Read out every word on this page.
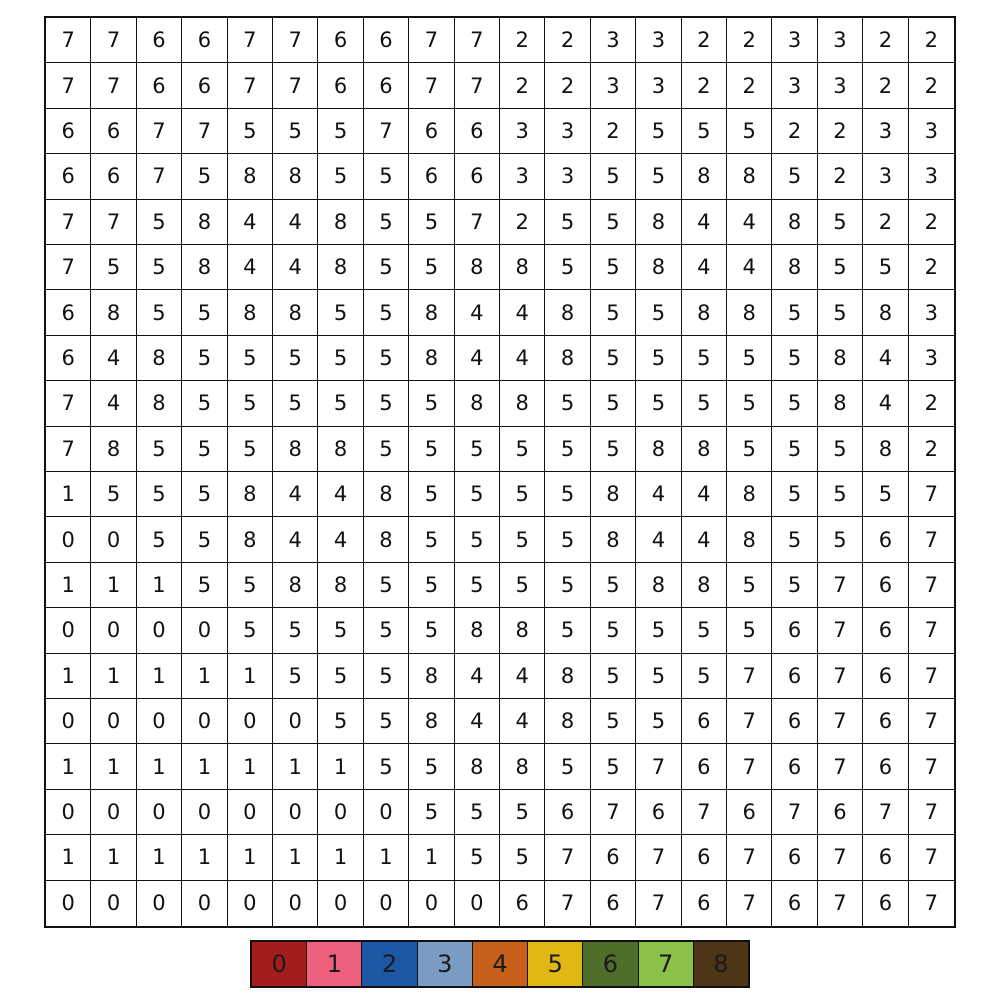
7	7	6	6	7	7	6	6	7	7	2	2	3	3	2	2	3	3	2	2
7	7	6	6	7	7	6	6	7	7	2	2	3	3	2	2	3	3	2	2
6	6	7	7	5	5	5	7	6	6	3	3	2	5	5	5	2	2	3	3
6	6	7	5	8	8	5	5	6	6	3	3	5	5	8	8	5	2	3	3
7	7	5	8	4	4	8	5	5	7	2	5	5	8	4	4	8	5	2	2
7	5	5	8	4	4	8	5	5	8	8	5	5	8	4	4	8	5	5	2
6	8	5	5	8	8	5	5	8	4	4	8	5	5	8	8	5	5	8	3
6	4	8	5	5	5	5	5	8	4	4	8	5	5	5	5	5	8	4	3
7	4	8	5	5	5	5	5	5	8	8	5	5	5	5	5	5	8	4	2
7	8	5	5	5	8	8	5	5	5	5	5	5	8	8	5	5	5	8	2
1	5	5	5	8	4	4	8	5	5	5	5	8	4	4	8	5	5	5	7
0	0	5	5	8	4	4	8	5	5	5	5	8	4	4	8	5	5	6	7
1	1	1	5	5	8	8	5	5	5	5	5	5	8	8	5	5	7	6	7
0	0	0	0	5	5	5	5	5	8	8	5	5	5	5	5	6	7	6	7
1	1	1	1	1	5	5	5	8	4	4	8	5	5	5	7	6	7	6	7
0	0	0	0	0	0	5	5	8	4	4	8	5	5	6	7	6	7	6	7
1	1	1	1	1	1	1	5	5	8	8	5	5	7	6	7	6	7	6	7
0	0	0	0	0	0	0	0	5	5	5	6	7	6	7	6	7	6	7	7
1	1	1	1	1	1	1	1	1	5	5	7	6	7	6	7	6	7	6	7
0	0	0	0	0	0	0	0	0	0	6	7	6	7	6	7	6	7	6	7
0	1	2	3	4	5	6	7	8
